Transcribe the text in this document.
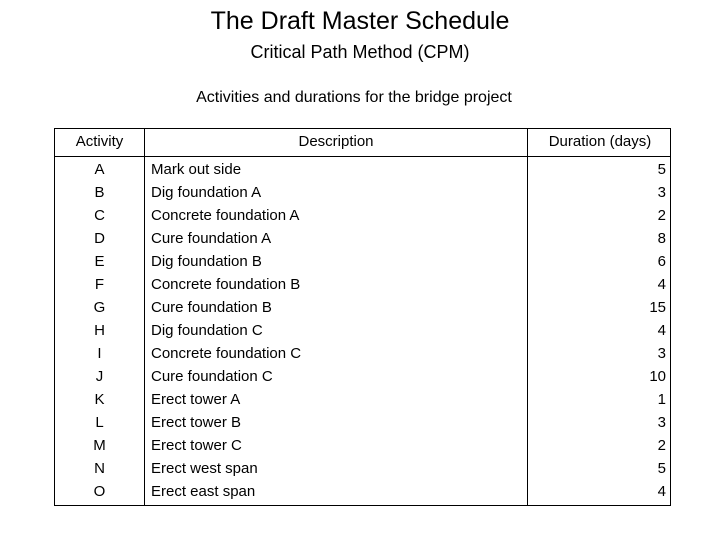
The Draft Master Schedule
Critical Path Method (CPM)
Activities and durations for the bridge project
Activity	Description	Duration (days)
A	Mark out side	5
B	Dig foundation A	3
C	Concrete foundation A	2
D	Cure foundation A	8
E	Dig foundation B	6
F	Concrete foundation B	4
G	Cure foundation B	15
H	Dig foundation C	4
I	Concrete foundation C	3
J	Cure foundation C	10
K	Erect tower A	1
L	Erect tower B	3
M	Erect tower C	2
N	Erect west span	5
O	Erect east span	4
